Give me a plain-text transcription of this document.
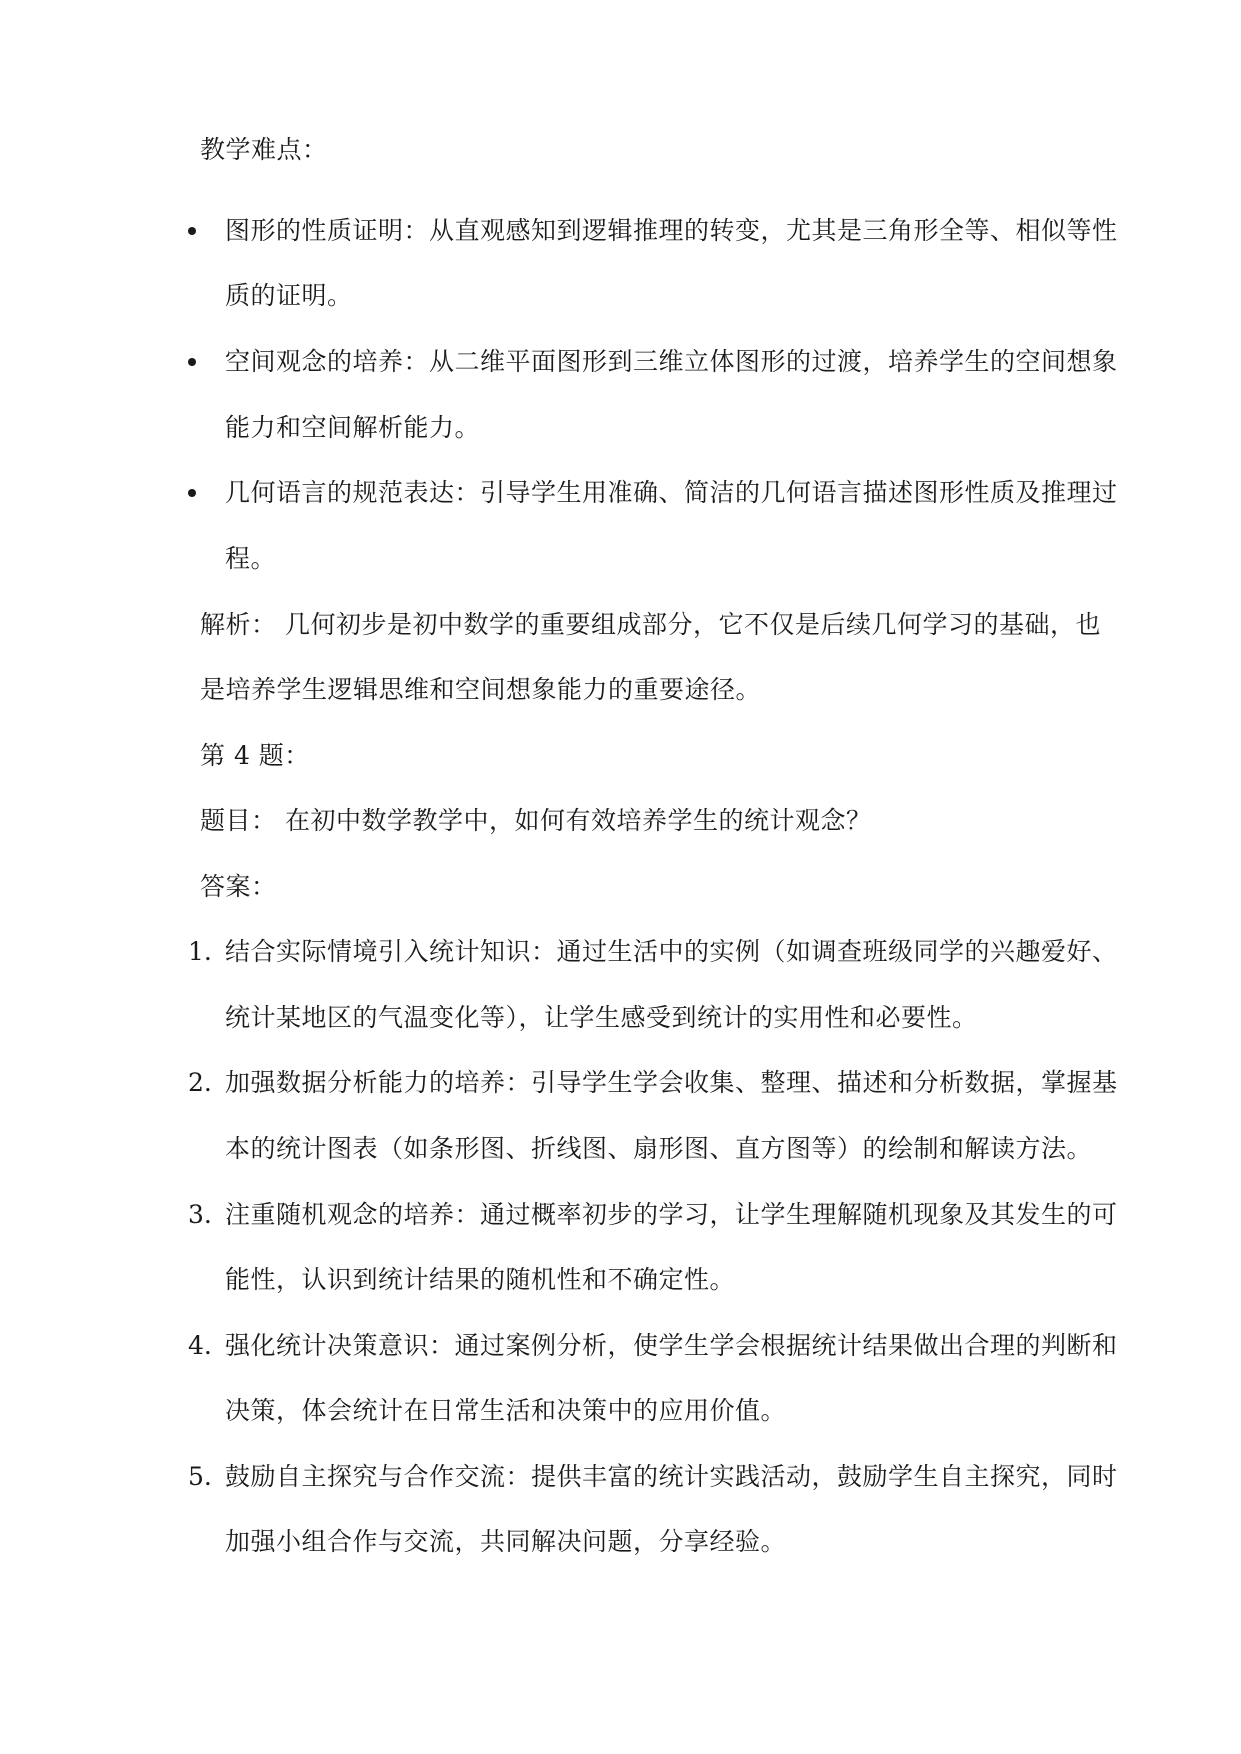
教学难点：
图形的性质证明：从直观感知到逻辑推理的转变，尤其是三角形全等、相似等性
质的证明。
空间观念的培养：从二维平面图形到三维立体图形的过渡，培养学生的空间想象
能力和空间解析能力。
几何语言的规范表达：引导学生用准确、简洁的几何语言描述图形性质及推理过
程。
解析： 几何初步是初中数学的重要组成部分，它不仅是后续几何学习的基础，也
是培养学生逻辑思维和空间想象能力的重要途径。
第 4 题：
题目： 在初中数学教学中，如何有效培养学生的统计观念？
答案：
1. 结合实际情境引入统计知识：通过生活中的实例（如调查班级同学的兴趣爱好、
统计某地区的气温变化等），让学生感受到统计的实用性和必要性。
2. 加强数据分析能力的培养：引导学生学会收集、整理、描述和分析数据，掌握基
本的统计图表（如条形图、折线图、扇形图、直方图等）的绘制和解读方法。
3. 注重随机观念的培养：通过概率初步的学习，让学生理解随机现象及其发生的可
能性，认识到统计结果的随机性和不确定性。
4. 强化统计决策意识：通过案例分析，使学生学会根据统计结果做出合理的判断和
决策，体会统计在日常生活和决策中的应用价值。
5. 鼓励自主探究与合作交流：提供丰富的统计实践活动，鼓励学生自主探究，同时
加强小组合作与交流，共同解决问题，分享经验。
